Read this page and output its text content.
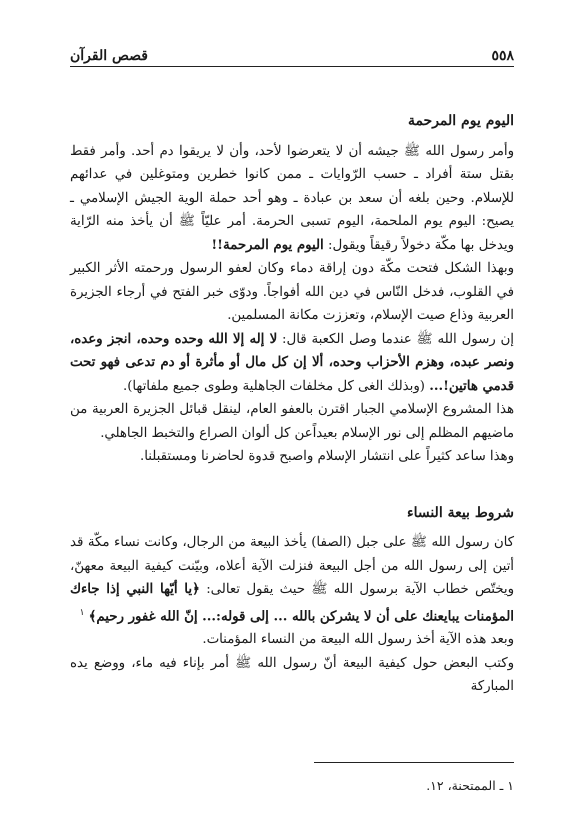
٥٥٨
قصص القرآن
اليوم يوم المرحمة

وأمر رسول الله ﷺ جيشه أن لا يتعرضوا لأحد، وأن لا يريقوا دم أحد. وأمر فقط بقتل ستة أفراد ـ حسب الرّوايات ـ ممن كانوا خطرين ومتوغلين في عدائهم للإسلام. وحين بلغه أن سعد بن عبادة ـ وهو أحد حملة الوية الجيش الإسلامي ـ يصيح: اليوم يوم الملحمة، اليوم تسبى الحرمة. أمر عليّاً ﷺ أن يأخذ منه الرّاية ويدخل بها مكّة دخولاً رقيقاً ويقول: اليوم يوم المرحمة!!

وبهذا الشكل فتحت مكّة دون إراقة دماء وكان لعفو الرسول ورحمته الأثر الكبير في القلوب، فدخل النّاس في دين الله أفواجاً. ودوّى خبر الفتح في أرجاء الجزيرة العربية وذاع صيت الإسلام، وتعززت مكانة المسلمين.

إن رسول الله ﷺ عندما وصل الكعبة قال: لا إله إلا الله وحده وحده، انجز وعده، ونصر عبده، وهزم الأحزاب وحده، ألا إن كل مال أو مأثرة أو دم تدعى فهو تحت قدمي هاتين!... (وبذلك الغى كل مخلفات الجاهلية وطوى جميع ملفاتها).

هذا المشروع الإسلامي الجبار اقترن بالعفو العام، لينقل قبائل الجزيرة العربية من ماضيهم المظلم إلى نور الإسلام بعيداًعن كل ألوان الصراع والتخبط الجاهلي.

وهذا ساعد كثيراً على انتشار الإسلام واصبح قدوة لحاضرنا ومستقبلنا.

شروط بيعة النساء

كان رسول الله ﷺ على جبل (الصفا) يأخذ البيعة من الرجال، وكانت نساء مكّة قد أتين إلى رسول الله من أجل البيعة فنزلت الآية أعلاه، وبيّنت كيفية البيعة معهنّ، ويختّص خطاب الآية برسول الله ﷺ حيث يقول تعالى: ﴿يا أيّها النبي إذا جاءك المؤمنات يبايعنك على أن لا يشركن بالله ... إلى قوله:... إنّ الله غفور رحيم﴾ $^١$

وبعد هذه الآية أخذ رسول الله البيعة من النساء المؤمنات.

وكتب البعض حول كيفية البيعة أنّ رسول الله ﷺ أمر بإناء فيه ماء، ووضع يده المباركة

١ ـ الممتحنة، ١٢.
